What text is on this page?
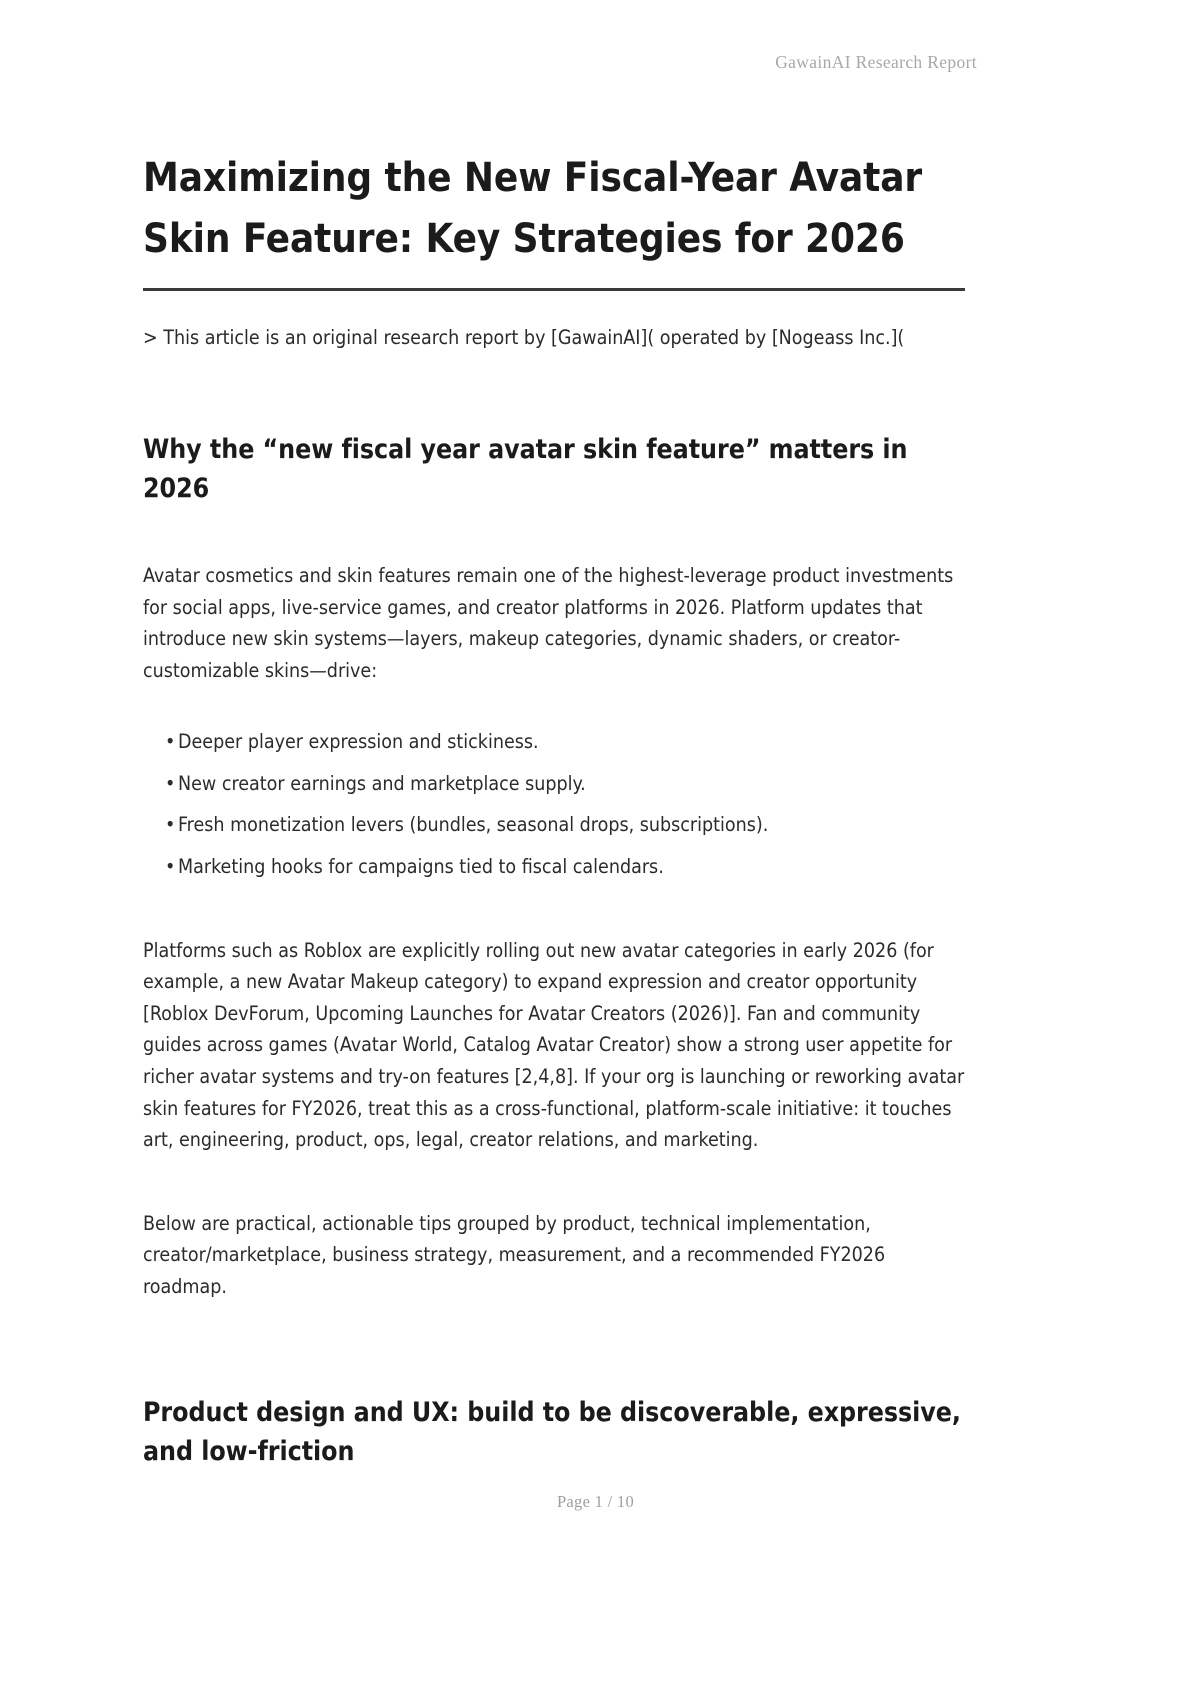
GawainAI Research Report
Maximizing the New Fiscal-Year Avatar Skin Feature: Key Strategies for 2026

> This article is an original research report by [GawainAI]( operated by [Nogeass Inc.](

Why the “new fiscal year avatar skin feature” matters in 2026

Avatar cosmetics and skin features remain one of the highest-leverage product investments for social apps, live-service games, and creator platforms in 2026. Platform updates that introduce new skin systems—layers, makeup categories, dynamic shaders, or creator-customizable skins—drive:

• Deeper player expression and stickiness.
• New creator earnings and marketplace supply.
• Fresh monetization levers (bundles, seasonal drops, subscriptions).
• Marketing hooks for campaigns tied to fiscal calendars.

Platforms such as Roblox are explicitly rolling out new avatar categories in early 2026 (for example, a new Avatar Makeup category) to expand expression and creator opportunity [Roblox DevForum, Upcoming Launches for Avatar Creators (2026)]. Fan and community guides across games (Avatar World, Catalog Avatar Creator) show a strong user appetite for richer avatar systems and try-on features [2,4,8]. If your org is launching or reworking avatar skin features for FY2026, treat this as a cross-functional, platform-scale initiative: it touches art, engineering, product, ops, legal, creator relations, and marketing.

Below are practical, actionable tips grouped by product, technical implementation, creator/marketplace, business strategy, measurement, and a recommended FY2026 roadmap.

Product design and UX: build to be discoverable, expressive, and low-friction
Page 1 / 10
